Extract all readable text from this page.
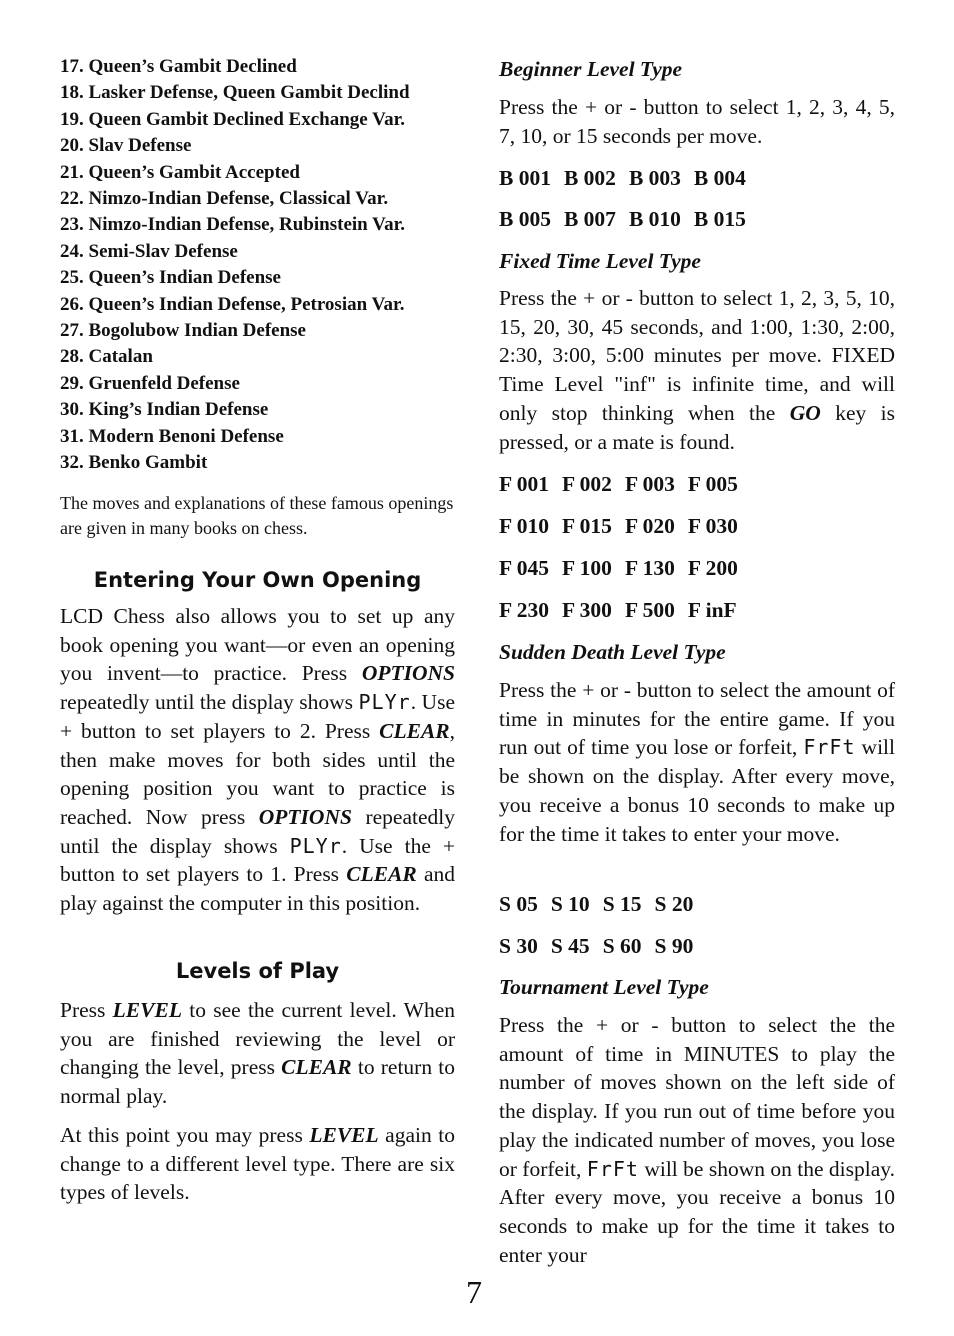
17. Queen’s Gambit Declined
18. Lasker Defense, Queen Gambit Declind
19. Queen Gambit Declined Exchange Var.
20. Slav Defense
21. Queen’s Gambit Accepted
22. Nimzo-Indian Defense, Classical Var.
23. Nimzo-Indian Defense, Rubinstein Var.
24. Semi-Slav Defense
25. Queen’s Indian Defense
26. Queen’s Indian Defense, Petrosian Var.
27. Bogolubow Indian Defense
28. Catalan
29. Gruenfeld Defense
30. King’s Indian Defense
31. Modern Benoni Defense
32. Benko Gambit

The moves and explanations of these famous openings are given in many books on chess.

Entering Your Own Opening

LCD Chess also allows you to set up any book opening you want—or even an opening you invent—to practice. Press OPTIONS repeatedly until the display shows PLYr. Use + button to set players to 2. Press CLEAR, then make moves for both sides until the opening position you want to practice is reached. Now press OPTIONS repeatedly until the display shows PLYr. Use the + button to set players to 1. Press CLEAR and play against the computer in this position.

Levels of Play

Press LEVEL to see the current level. When you are finished reviewing the level or changing the level, press CLEAR to return to normal play.

At this point you may press LEVEL again to change to a different level type. There are six types of levels.

Beginner Level Type

Press the + or - button to select 1, 2, 3, 4, 5, 7, 10, or 15 seconds per move.

B 001 B 002 B 003 B 004

B 005 B 007 B 010 B 015

Fixed Time Level Type

Press the + or - button to select 1, 2, 3, 5, 10, 15, 20, 30, 45 seconds, and 1:00, 1:30, 2:00, 2:30, 3:00, 5:00 minutes per move. FIXED Time Level "inf" is infinite time, and will only stop thinking when the GO key is pressed, or a mate is found.

F 001 F 002 F 003 F 005

F 010 F 015 F 020 F 030

F 045 F 100 F 130 F 200

F 230 F 300 F 500 F inF

Sudden Death Level Type

Press the + or - button to select the amount of time in minutes for the entire game. If you run out of time you lose or forfeit, FrFt will be shown on the display. After every move, you receive a bonus 10 seconds to make up for the time it takes to enter your move.

S 05 S 10 S 15 S 20

S 30 S 45 S 60 S 90

Tournament Level Type

Press the + or - button to select the the amount of time in MINUTES to play the number of moves shown on the left side of the display. If you run out of time before you play the indicated number of moves, you lose or forfeit, FrFt will be shown on the display. After every move, you receive a bonus 10 seconds to make up for the time it takes to enter your

7
